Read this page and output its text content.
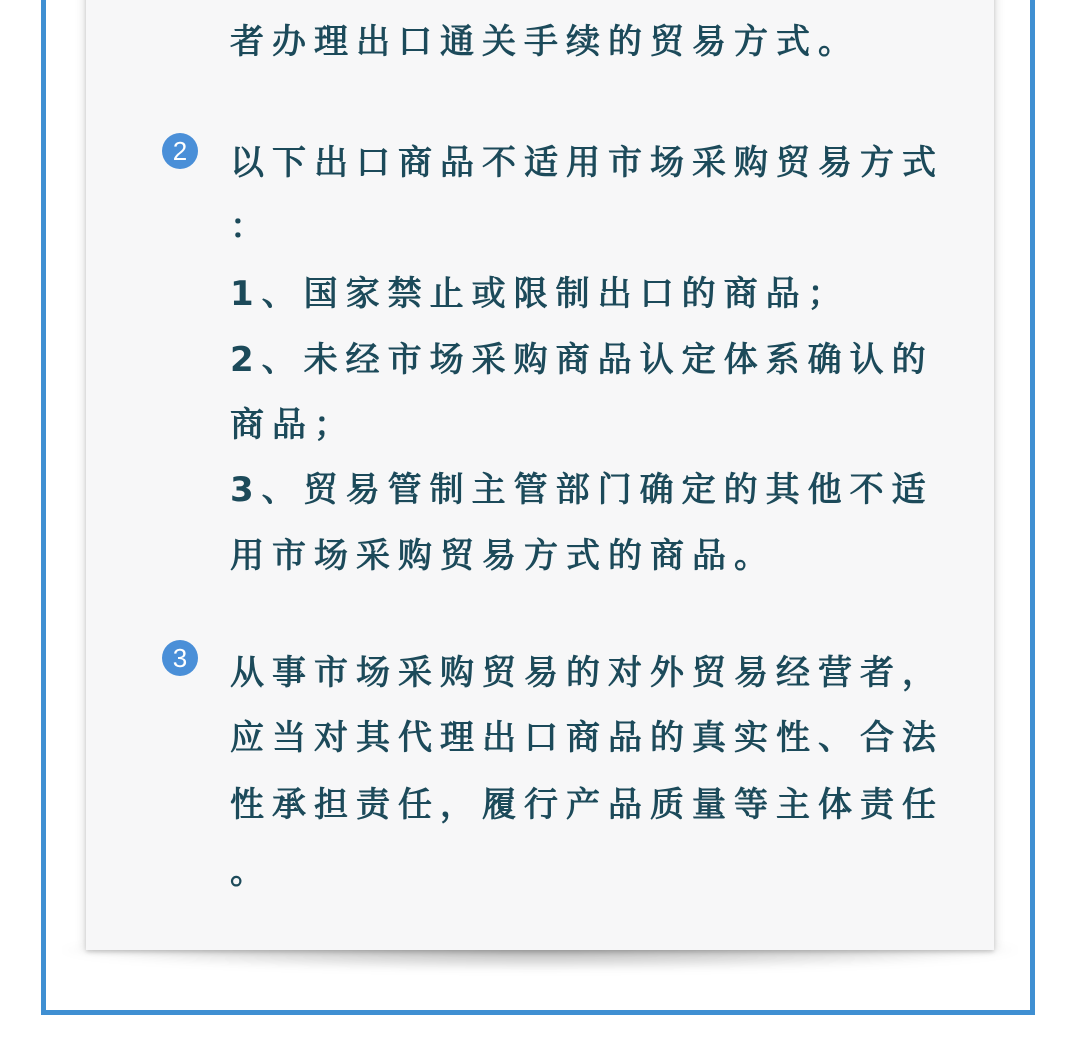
者办理出口通关手续的贸易方式。
2	以下出口商品不适用市场采购贸易方式
：
1、国家禁止或限制出口的商品；
2、未经市场采购商品认定体系确认的
商品；
3、贸易管制主管部门确定的其他不适
用市场采购贸易方式的商品。
3	从事市场采购贸易的对外贸易经营者，
应当对其代理出口商品的真实性、合法
性承担责任，履行产品质量等主体责任
。
